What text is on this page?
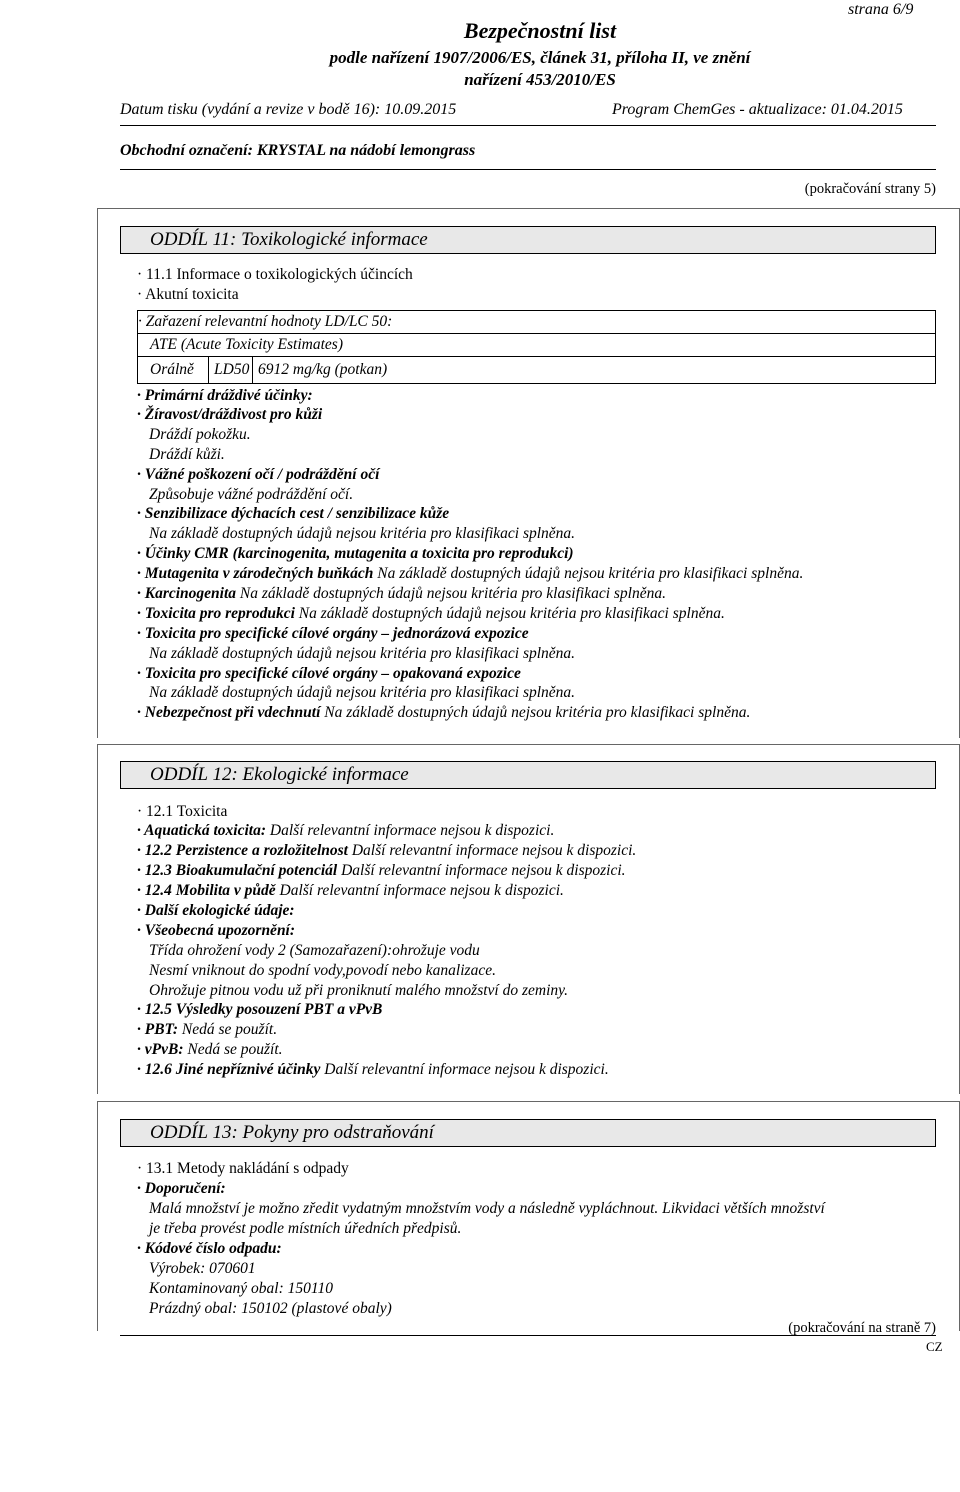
strana 6/9
Bezpečnostní list
podle nařízení 1907/2006/ES, článek 31, příloha II, ve znění
nařízení 453/2010/ES
Datum tisku (vydání a revize v bodě 16): 10.09.2015	Program ChemGes - aktualizace: 01.04.2015
Obchodní označení: KRYSTAL na nádobí lemongrass
(pokračování strany 5)
ODDÍL 11: Toxikologické informace
· 11.1 Informace o toxikologických účincích
· Akutní toxicita
· Zařazení relevantní hodnoty LD/LC 50:
ATE (Acute Toxicity Estimates)
Orálně LD50 6912 mg/kg (potkan)
· Primární dráždivé účinky:
· Žíravost/dráždivost pro kůži
Dráždí pokožku.
Dráždí kůži.
· Vážné poškození očí / podráždění očí
Způsobuje vážné podráždění očí.
· Senzibilizace dýchacích cest / senzibilizace kůže
Na základě dostupných údajů nejsou kritéria pro klasifikaci splněna.
· Účinky CMR (karcinogenita, mutagenita a toxicita pro reprodukci)
· Mutagenita v zárodečných buňkách Na základě dostupných údajů nejsou kritéria pro klasifikaci splněna.
· Karcinogenita Na základě dostupných údajů nejsou kritéria pro klasifikaci splněna.
· Toxicita pro reprodukci Na základě dostupných údajů nejsou kritéria pro klasifikaci splněna.
· Toxicita pro specifické cílové orgány – jednorázová expozice
Na základě dostupných údajů nejsou kritéria pro klasifikaci splněna.
· Toxicita pro specifické cílové orgány – opakovaná expozice
Na základě dostupných údajů nejsou kritéria pro klasifikaci splněna.
· Nebezpečnost při vdechnutí Na základě dostupných údajů nejsou kritéria pro klasifikaci splněna.
ODDÍL 12: Ekologické informace
· 12.1 Toxicita
· Aquatická toxicita: Další relevantní informace nejsou k dispozici.
· 12.2 Perzistence a rozložitelnost Další relevantní informace nejsou k dispozici.
· 12.3 Bioakumulační potenciál Další relevantní informace nejsou k dispozici.
· 12.4 Mobilita v půdě Další relevantní informace nejsou k dispozici.
· Další ekologické údaje:
· Všeobecná upozornění:
Třída ohrožení vody 2 (Samozařazení):ohrožuje vodu
Nesmí vniknout do spodní vody,povodí nebo kanalizace.
Ohrožuje pitnou vodu už při proniknutí malého množství do zeminy.
· 12.5 Výsledky posouzení PBT a vPvB
· PBT: Nedá se použít.
· vPvB: Nedá se použít.
· 12.6 Jiné nepříznivé účinky Další relevantní informace nejsou k dispozici.
ODDÍL 13: Pokyny pro odstraňování
· 13.1 Metody nakládání s odpady
· Doporučení:
Malá množství je možno zředit vydatným množstvím vody a následně vypláchnout. Likvidaci větších množství
je třeba provést podle místních úředních předpisů.
· Kódové číslo odpadu:
Výrobek: 070601
Kontaminovaný obal: 150110
Prázdný obal: 150102 (plastové obaly)
(pokračování na straně 7)
CZ
